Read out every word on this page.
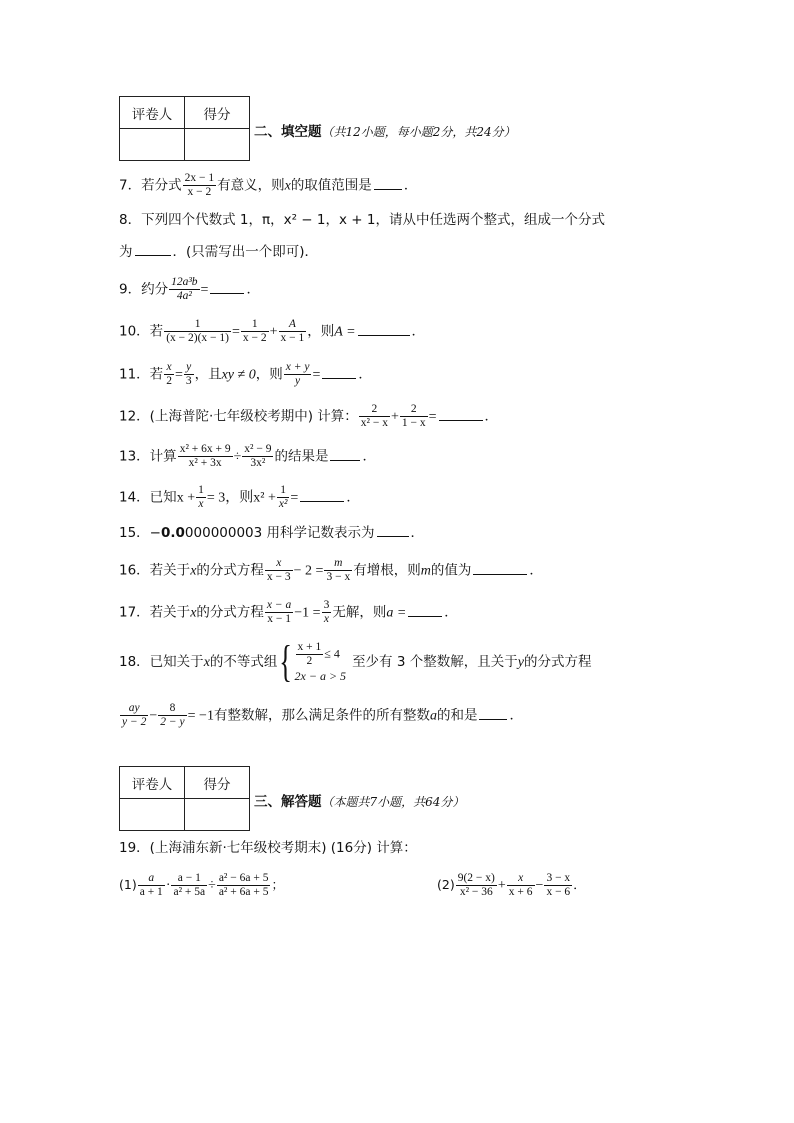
评卷人	得分

二、填空题（共12小题，每小题2分，共24分）
7．若分式 $\frac{2x - 1}{x - 2}$ 有意义，则x的取值范围是 ．
8．下列四个代数式 1，π，x² − 1，x + 1，请从中任选两个整式，组成一个分式
为	．(只需写出一个即可)．
9．约分 $\frac{\text{12a³b}}{\text{4a²}}$ =	．
10．若 $\frac{1}{(x - 2)(x - 1)} = \frac{1}{x - 2} + \frac{A}{x - 1}$ ，则A =	．
11．若 $\frac{x}{2} = \frac{y}{3}$ ，且xy ≠ 0，则 $\frac{x + y}{y}$ =	．
12．(上海普陀·七年级校考期中) 计算： $\frac{2}{\text{x² − x}} + \frac{2}{1 - x}$ =	．
13．计算 $\frac{\text{x² + 6x + 9}}{\text{x² + 3x}} \div \frac{\text{x² − 9}}{\text{3x²}}$ 的结果是	．
14．已知$x + \frac{1}{x} = 3$，则$x^2 + \frac{1}{\text{x²}}$ =	．
15．−0.0000000003 用科学记数表示为	．
16．若关于x的分式方程 $\frac{x}{x - 3} - 2 = \frac{m}{3 - x}$ 有增根，则m的值为	．
17．若关于x的分式方程 $\frac{x - a}{x - 1} -1 = \frac{3}{x}$ 无解，则a =	．
18．已知关于x的不等式组{ $\frac{x + 1}{2} \le 4$
2x − a > 5
至少有 3 个整数解，且关于y的分式方程
$\frac{ay}{y - 2} - \frac{8}{2 - y} = -1$有整数解，那么满足条件的所有整数a的和是 ．
评卷人	得分

三、解答题（本题共7小题，共64分）
19．(上海浦东新·七年级校考期末) (16分) 计算：
$(1) \frac{a}{a + 1} \cdot \frac{a - 1}{\text{a² + 5a}} \div \frac{\text{a² − 6a + 5}}{\text{a² + 6a + 5}}$ ；	$(2) \frac{9(2 - x)}{\text{x² − 36}} + \frac{x}{x + 6} - \frac{3 - x}{x - 6}$ ．
